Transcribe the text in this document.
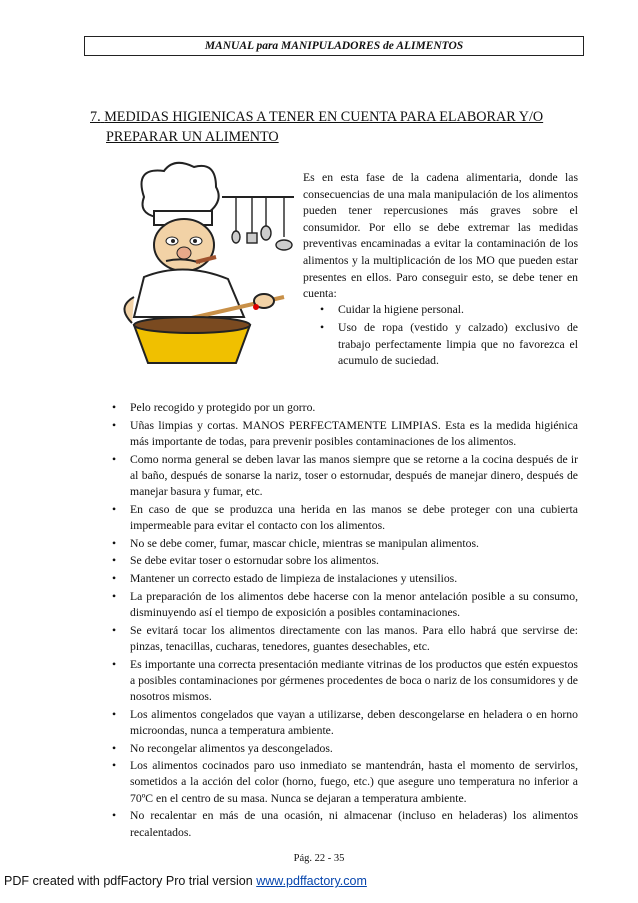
MANUAL para MANIPULADORES de ALIMENTOS
7. MEDIDAS HIGIENICAS A TENER EN CUENTA PARA ELABORAR Y/O
PREPARAR UN ALIMENTO

Es en esta fase de la cadena alimentaria, donde las consecuencias de una mala manipulación de los alimentos pueden tener repercusiones más graves sobre el consumidor. Por ello se debe extremar las medidas preventivas encaminadas a evitar la contaminación de los alimentos y la multiplicación de los MO que pueden estar presentes en ellos. Paro conseguir esto, se debe tener en cuenta:

• Cuidar la higiene personal.
• Uso de ropa (vestido y calzado) exclusivo de trabajo perfectamente limpia que no favorezca el acumulo de suciedad.
• Pelo recogido y protegido por un gorro.
• Uñas limpias y cortas. MANOS PERFECTAMENTE LIMPIAS. Esta es la medida higiénica más importante de todas, para prevenir posibles contaminaciones de los alimentos.
• Como norma general se deben lavar las manos siempre que se retorne a la cocina después de ir al baño, después de sonarse la nariz, toser o estornudar, después de manejar dinero, después de manejar basura y fumar, etc.
• En caso de que se produzca una herida en las manos se debe proteger con una cubierta impermeable para evitar el contacto con los alimentos.
• No se debe comer, fumar, mascar chicle, mientras se manipulan alimentos.
• Se debe evitar toser o estornudar sobre los alimentos.
• Mantener un correcto estado de limpieza de instalaciones y utensilios.
• La preparación de los alimentos debe hacerse con la menor antelación posible a su consumo, disminuyendo así el tiempo de exposición a posibles contaminaciones.
• Se evitará tocar los alimentos directamente con las manos. Para ello habrá que servirse de: pinzas, tenacillas, cucharas, tenedores, guantes desechables, etc.
• Es importante una correcta presentación mediante vitrinas de los productos que estén expuestos a posibles contaminaciones por gérmenes procedentes de boca o nariz de los consumidores y de nosotros mismos.
• Los alimentos congelados que vayan a utilizarse, deben descongelarse en heladera o en horno microondas, nunca a temperatura ambiente.
• No recongelar alimentos ya descongelados.
• Los alimentos cocinados paro uso inmediato se mantendrán, hasta el momento de servirlos, sometidos a la acción del color (horno, fuego, etc.) que asegure uno temperatura no inferior a 70ºC en el centro de su masa. Nunca se dejaran a temperatura ambiente.
• No recalentar en más de una ocasión, ni almacenar (incluso en heladeras) los alimentos recalentados.
Pág. 22 - 35
PDF created with pdfFactory Pro trial version www.pdffactory.com
